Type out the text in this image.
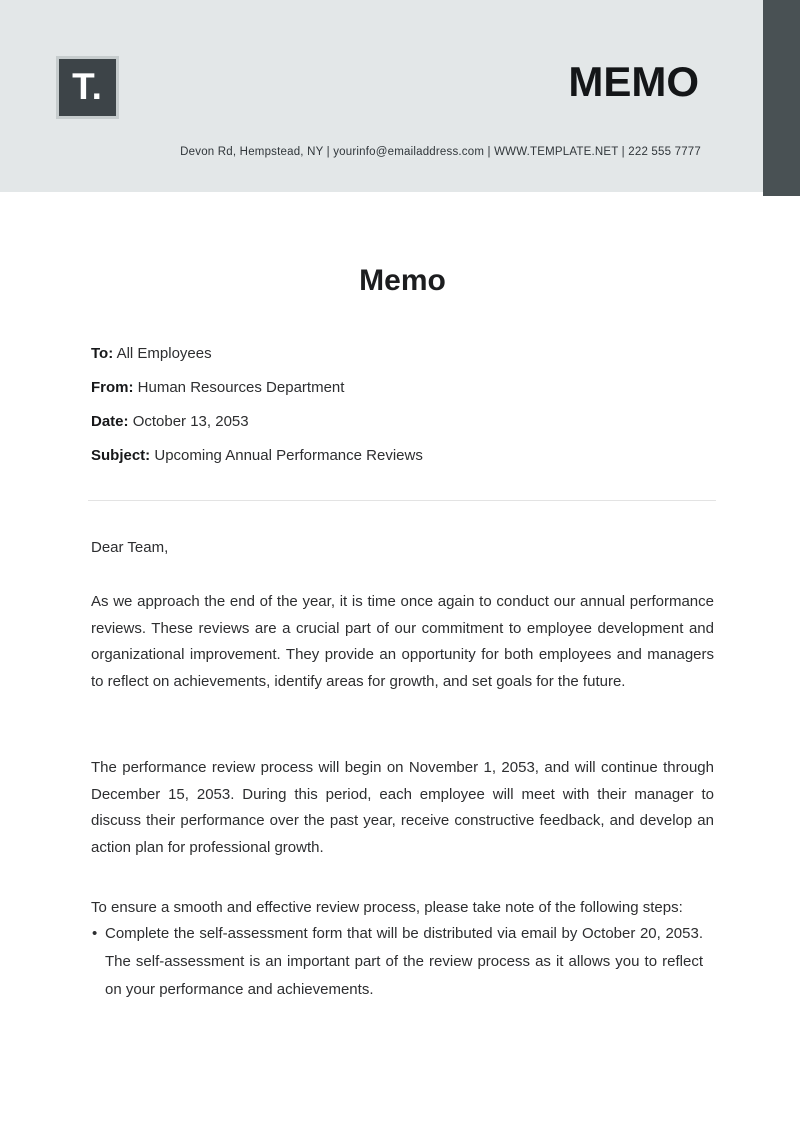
T.	MEMO
Devon Rd, Hempstead, NY | yourinfo@emailaddress.com | WWW.TEMPLATE.NET | 222 555 7777
Memo

To: All Employees

From: Human Resources Department

Date: October 13, 2053

Subject: Upcoming Annual Performance Reviews

Dear Team,

As we approach the end of the year, it is time once again to conduct our annual performance reviews. These reviews are a crucial part of our commitment to employee development and organizational improvement. They provide an opportunity for both employees and managers to reflect on achievements, identify areas for growth, and set goals for the future.

The performance review process will begin on November 1, 2053, and will continue through December 15, 2053. During this period, each employee will meet with their manager to discuss their performance over the past year, receive constructive feedback, and develop an action plan for professional growth.

To ensure a smooth and effective review process, please take note of the following steps:

• Complete the self-assessment form that will be distributed via email by October 20, 2053. The self-assessment is an important part of the review process as it allows you to reflect on your performance and achievements.
